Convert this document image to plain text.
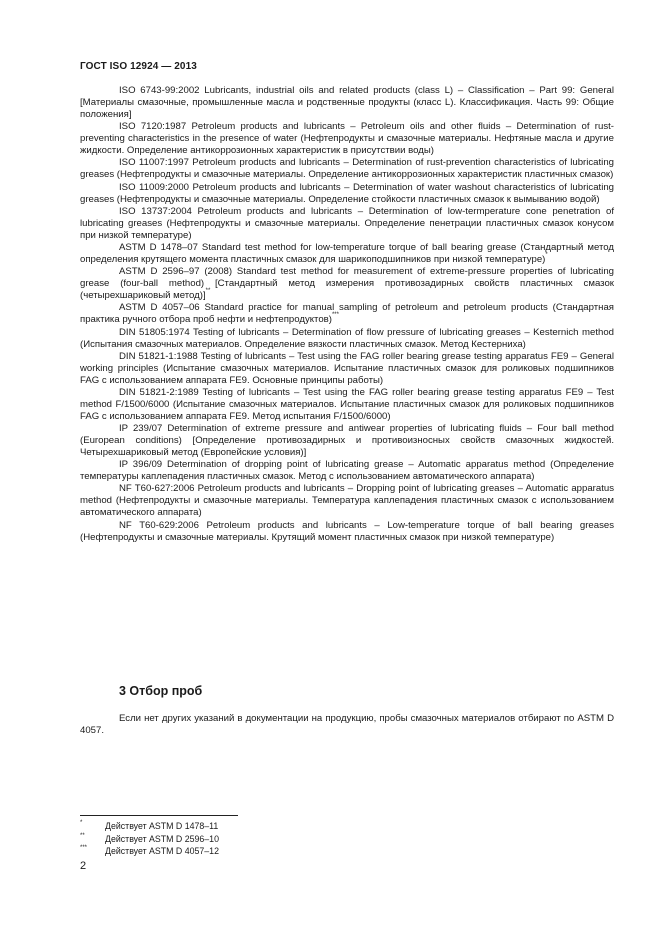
ГОСТ ISO 12924 — 2013

ISO 6743-99:2002 Lubricants, industrial oils and related products (class L) – Classification – Part 99: General [Материалы смазочные, промышленные масла и родственные продукты (класс L). Классификация. Часть 99: Общие положения]

ISO 7120:1987 Petroleum products and lubricants – Petroleum oils and other fluids – Determination of rust-preventing characteristics in the presence of water (Нефтепродукты и смазочные материалы. Нефтяные масла и другие жидкости. Определение антикоррозионных характеристик в присутствии воды)

ISO 11007:1997 Petroleum products and lubricants – Determination of rust-prevention characteristics of lubricating greases (Нефтепродукты и смазочные материалы. Определение антикоррозионных характеристик пластичных смазок)

ISO 11009:2000 Petroleum products and lubricants – Determination of water washout characteristics of lubricating greases (Нефтепродукты и смазочные материалы. Определение стойкости пластичных смазок к вымыванию водой)

ISO 13737:2004 Petroleum products and lubricants – Determination of low-termperature cone penetration of lubricating greases (Нефтепродукты и смазочные материалы. Определение пенетрации пластичных смазок конусом при низкой температуре)

ASTM D 1478–07 Standard test method for low-temperature torque of ball bearing grease (Стандартный метод определения крутящего момента пластичных смазок для шарикоподшипников при низкой температуре)*

ASTM D 2596–97 (2008) Standard test method for measurement of extreme-pressure properties of lubricating grease (four-ball method) [Стандартный метод измерения противозадирных свойств пластичных смазок (четырехшариковый метод)]**

ASTM D 4057–06 Standard practice for manual sampling of petroleum and petroleum products (Стандартная практика ручного отбора проб нефти и нефтепродуктов)***

DIN 51805:1974 Testing of lubricants – Determination of flow pressure of lubricating greases – Kesternich method (Испытания смазочных материалов. Определение вязкости пластичных смазок. Метод Кестерниха)

DIN 51821-1:1988 Testing of lubricants – Test using the FAG roller bearing grease testing apparatus FE9 – General working principles (Испытание смазочных материалов. Испытание пластичных смазок для роликовых подшипников FAG с использованием аппарата FE9. Основные принципы работы)

DIN 51821-2:1989 Testing of lubricants – Test using the FAG roller bearing grease testing apparatus FE9 – Test method F/1500/6000 (Испытание смазочных материалов. Испытание пластичных смазок для роликовых подшипников FAG с использованием аппарата FE9. Метод испытания F/1500/6000)

IP 239/07 Determination of extreme pressure and antiwear properties of lubricating fluids – Four ball method (European conditions) [Определение противозадирных и противоизносных свойств смазочных жидкостей. Четырехшариковый метод (Европейские условия)]

IP 396/09 Determination of dropping point of lubricating grease – Automatic apparatus method (Определение температуры каплепадения пластичных смазок. Метод с использованием автоматического аппарата)

NF T60-627:2006 Petroleum products and lubricants – Dropping point of lubricating greases – Automatic apparatus method (Нефтепродукты и смазочные материалы. Температура каплепадения пластичных смазок с использованием автоматического аппарата)

NF T60-629:2006 Petroleum products and lubricants – Low-temperature torque of ball bearing greases (Нефтепродукты и смазочные материалы. Крутящий момент пластичных смазок при низкой температуре)

3 Отбор проб

Если нет других указаний в документации на продукцию, пробы смазочных материалов отбирают по ASTM D 4057.

*	Действует ASTM D 1478–11
** Действует ASTM D 2596–10
*** Действует ASTM D 4057–12
2
